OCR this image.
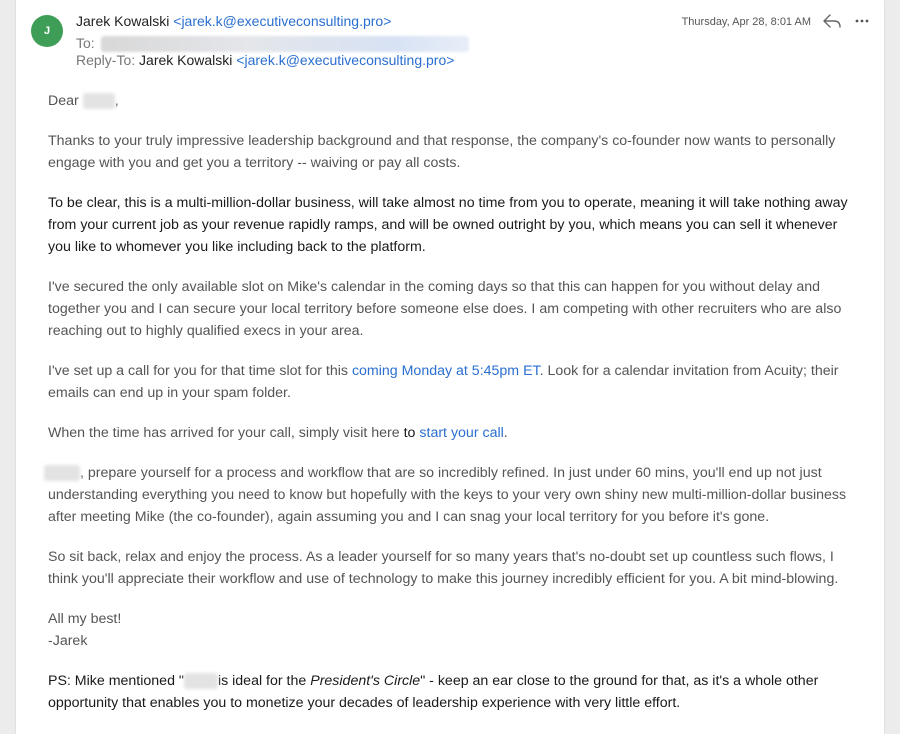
J
Jarek Kowalski <jarek.k@executiveconsulting.pro>
To:
Reply-To: Jarek Kowalski <jarek.k@executiveconsulting.pro>
Thursday, Apr 28, 8:01 AM

Dear	,

Thanks to your truly impressive leadership background and that response, the company's co-founder now wants to personally engage with you and get you a territory -- waiving or pay all costs.

To be clear, this is a multi-million-dollar business, will take almost no time from you to operate, meaning it will take nothing away from your current job as your revenue rapidly ramps, and will be owned outright by you, which means you can sell it whenever you like to whomever you like including back to the platform.

I've secured the only available slot on Mike's calendar in the coming days so that this can happen for you without delay and together you and I can secure your local territory before someone else does. I am competing with other recruiters who are also reaching out to highly qualified execs in your area.

I've set up a call for you for that time slot for this coming Monday at 5:45pm ET. Look for a calendar invitation from Acuity; their emails can end up in your spam folder.

When the time has arrived for your call, simply visit here to start your call.

, prepare yourself for a process and workflow that are so incredibly refined. In just under 60 mins, you'll end up not just understanding everything you need to know but hopefully with the keys to your very own shiny new multi-million-dollar business after meeting Mike (the co-founder), again assuming you and I can snag your local territory for you before it's gone.

So sit back, relax and enjoy the process. As a leader yourself for so many years that's no-doubt set up countless such flows, I think you'll appreciate their workflow and use of technology to make this journey incredibly efficient for you. A bit mind-blowing.

All my best!
-Jarek

PS: Mike mentioned " is ideal for the President's Circle" - keep an ear close to the ground for that, as it's a whole other opportunity that enables you to monetize your decades of leadership experience with very little effort.
